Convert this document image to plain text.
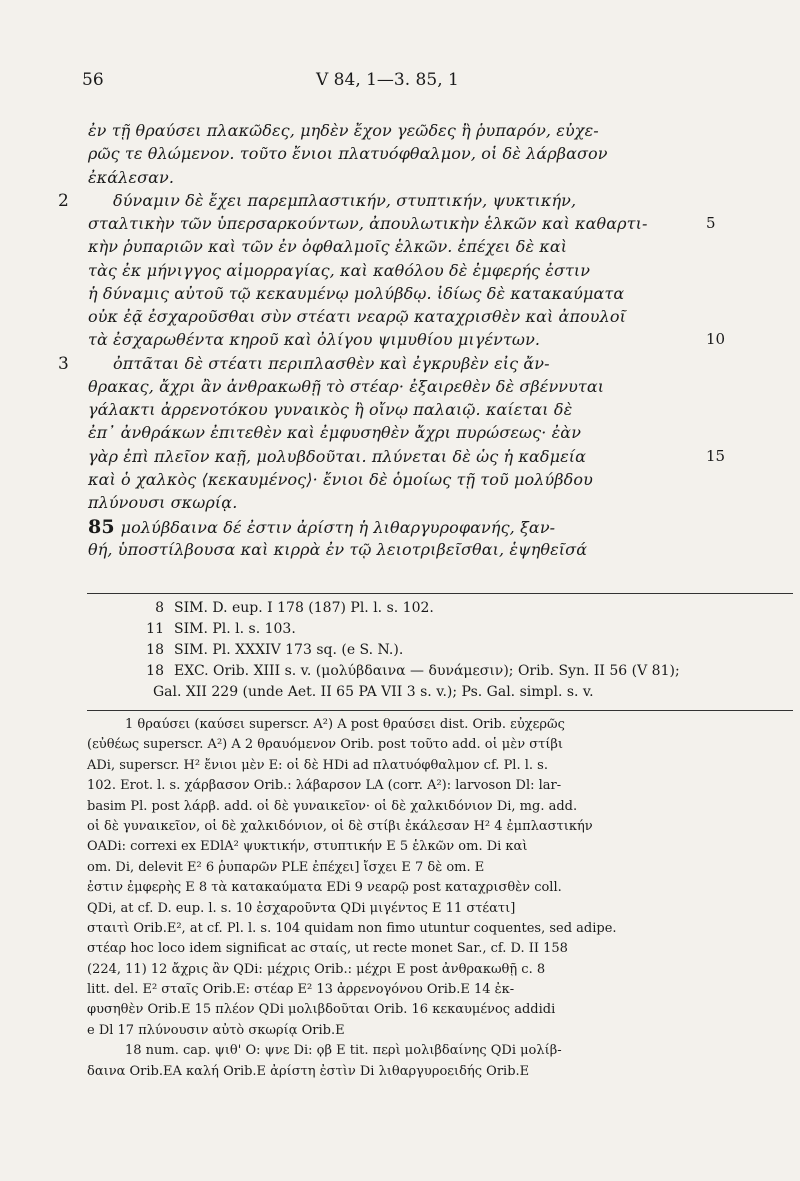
56	V 84, 1—3. 85, 1
ἐν τῇ θραύσει πλακῶδες, μηδὲν ἔχον γεῶδες ἢ ῥυπαρόν, εὐχε-
ρῶς τε θλώμενον. τοῦτο ἔνιοι πλατυόφθαλμον, οἱ δὲ λάρβασον
ἐκάλεσαν.
2	δύναμιν δὲ ἔχει παρεμπλαστικήν, στυπτικήν, ψυκτικήν,
σταλτικὴν τῶν ὑπερσαρκούντων, ἀπουλωτικὴν ἑλκῶν καὶ καθαρτι-	5
κὴν ῥυπαριῶν καὶ τῶν ἐν ὀφθαλμοῖς ἑλκῶν. ἐπέχει δὲ καὶ
τὰς ἐκ μήνιγγος αἱμορραγίας, καὶ καθόλου δὲ ἐμφερής ἐστιν
ἡ δύναμις αὐτοῦ τῷ κεκαυμένῳ μολύβδῳ. ἰδίως δὲ κατακαύματα
οὐκ ἐᾷ ἐσχαροῦσθαι σὺν στέατι νεαρῷ καταχρισθὲν καὶ ἀπουλοῖ
τὰ ἐσχαρωθέντα κηροῦ καὶ ὀλίγου ψιμυθίου μιγέντων.	10
3	ὀπτᾶται δὲ στέατι περιπλασθὲν καὶ ἐγκρυβὲν εἰς ἄν-
θρακας, ἄχρι ἂν ἀνθρακωθῇ τὸ στέαρ· ἐξαιρεθὲν δὲ σβέννυται
γάλακτι ἀρρενοτόκου γυναικὸς ἢ οἴνῳ παλαιῷ. καίεται δὲ
ἐπ᾿ ἀνθράκων ἐπιτεθὲν καὶ ἐμφυσηθὲν ἄχρι πυρώσεως· ἐὰν
γὰρ ἐπὶ πλεῖον καῇ, μολυβδοῦται. πλύνεται δὲ ὡς ἡ καδμεία	15
καὶ ὁ χαλκὸς ⟨κεκαυμένος⟩· ἔνιοι δὲ ὁμοίως τῇ τοῦ μολύβδου
πλύνουσι σκωρίᾳ.
85 μολύβδαινα δέ ἐστιν ἀρίστη ἡ λιθαργυροφανής, ξαν-
θή, ὑποστίλβουσα καὶ κιρρὰ ἐν τῷ λειοτριβεῖσθαι, ἑψηθεῖσά
8 SIM. D. eup. I 178 (187) Pl. l. s. 102.
11 SIM. Pl. l. s. 103.
18 SIM. Pl. XXXIV 173 sq. (e S. N.).
18 EXC. Orib. XIII s. v. (μολύβδαινα — δυνάμεσιν); Orib. Syn. II 56 (V 81);
Gal. XII 229 (unde Aet. II 65 PA VII 3 s. v.); Ps. Gal. simpl. s. v.
1 θραύσει (καύσει superscr. A²) A post θραύσει dist. Orib. εὐχερῶς
(εὐθέως superscr. A²) A 2 θραυόμενον Orib. post τοῦτο add. οἱ μὲν στίβι
ADi, superscr. H² ἔνιοι μὲν E: οἱ δὲ HDi ad πλατυόφθαλμον cf. Pl. l. s.
102. Erot. l. s. χάρβασον Orib.: λάβαρσον LA (corr. A²): larvoson Dl: lar-
basim Pl. post λάρβ. add. οἱ δὲ γυναικεῖον· οἱ δὲ χαλκιδόνιον Di, mg. add.
οἱ δὲ γυναικεῖον, οἱ δὲ χαλκιδόνιον, οἱ δὲ στίβι ἐκάλεσαν H² 4 ἐμπλαστικήν
OADi: correxi ex EDlA² ψυκτικήν, στυπτικήν E 5 ἑλκῶν om. Di καὶ
om. Di, delevit E² 6 ῥυπαρῶν PLE ἐπέχει] ἴσχει E 7 δὲ om. E
ἐστιν ἐμφερὴς E 8 τὰ κατακαύματα EDi 9 νεαρῷ post καταχρισθὲν coll.
QDi, at cf. D. eup. l. s. 10 ἐσχαροῦντα QDi μιγέντος E 11 στέατι]
σταιτὶ Orib.E², at cf. Pl. l. s. 104 quidam non fimo utuntur coquentes, sed adipe.
στέαρ hoc loco idem significat ac σταίς, ut recte monet Sar., cf. D. II 158
(224, 11) 12 ἄχρις ἂν QDi: μέχρις Orib.: μέχρι E post ἀνθρακωθῇ c. 8
litt. del. E² σταῖς Orib.E: στέαρ E² 13 ἀρρενογόνου Orib.E 14 ἐκ-
φυσηθὲν Orib.E 15 πλέον QDi μολιβδοῦται Orib. 16 κεκαυμένος addidi
e Dl 17 πλύνουσιν αὐτὸ σκωρίᾳ Orib.E
18 num. cap. ψιθ' O: ψνε Di: ϙβ E tit. περὶ μολιβδαίνης QDi μολίβ-
δαινα Orib.EA καλή Orib.E ἀρίστη ἐστὶν Di λιθαργυροειδής Orib.E
